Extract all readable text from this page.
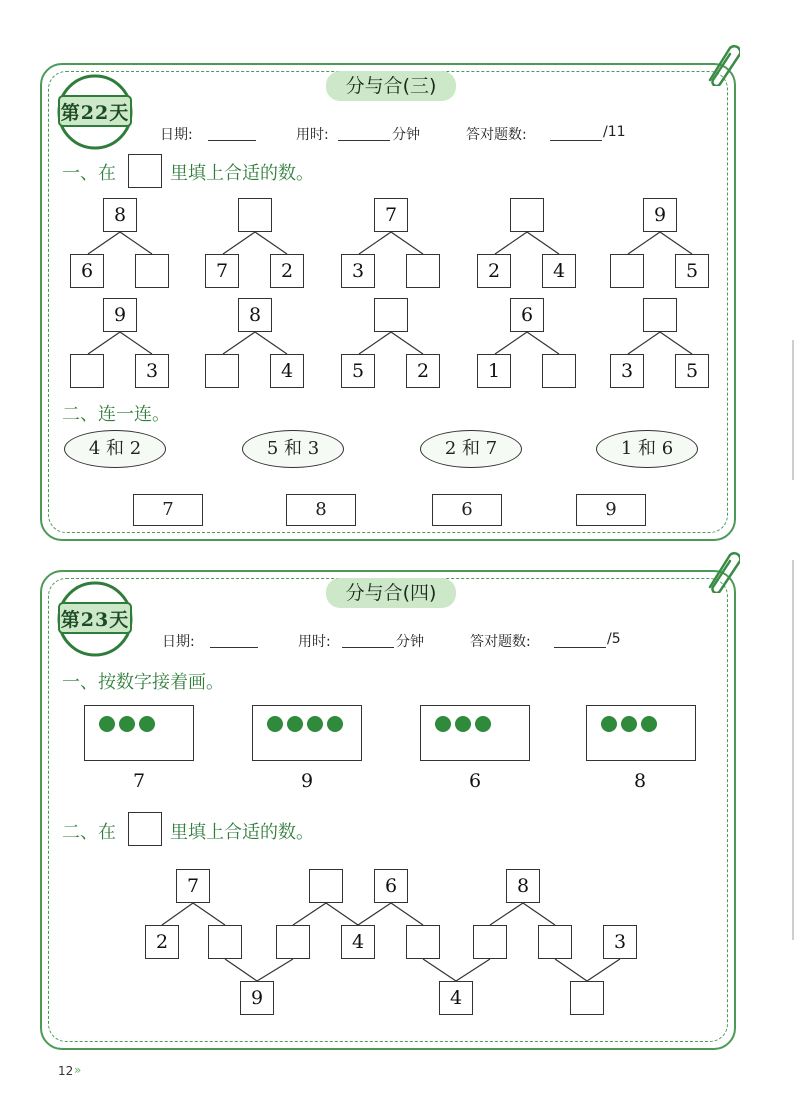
分与合(三)
第22天
日期:	用时:	分钟	答对题数:	/11
一、在	里填上合适的数。
8
6	7	2
7
3	2	4
9
5
9
3
8
4	5	2
6
1	3	5
二、连一连。
4 和 2	5 和 3	2 和 7	1 和 6
7	8	6	9
分与合(四)
第23天
日期:	用时:	分钟	答对题数:	/5
一、按数字接着画。
7	9	6	8
二、在	里填上合适的数。
7	6	8
2	4	3
9	4
12 »
